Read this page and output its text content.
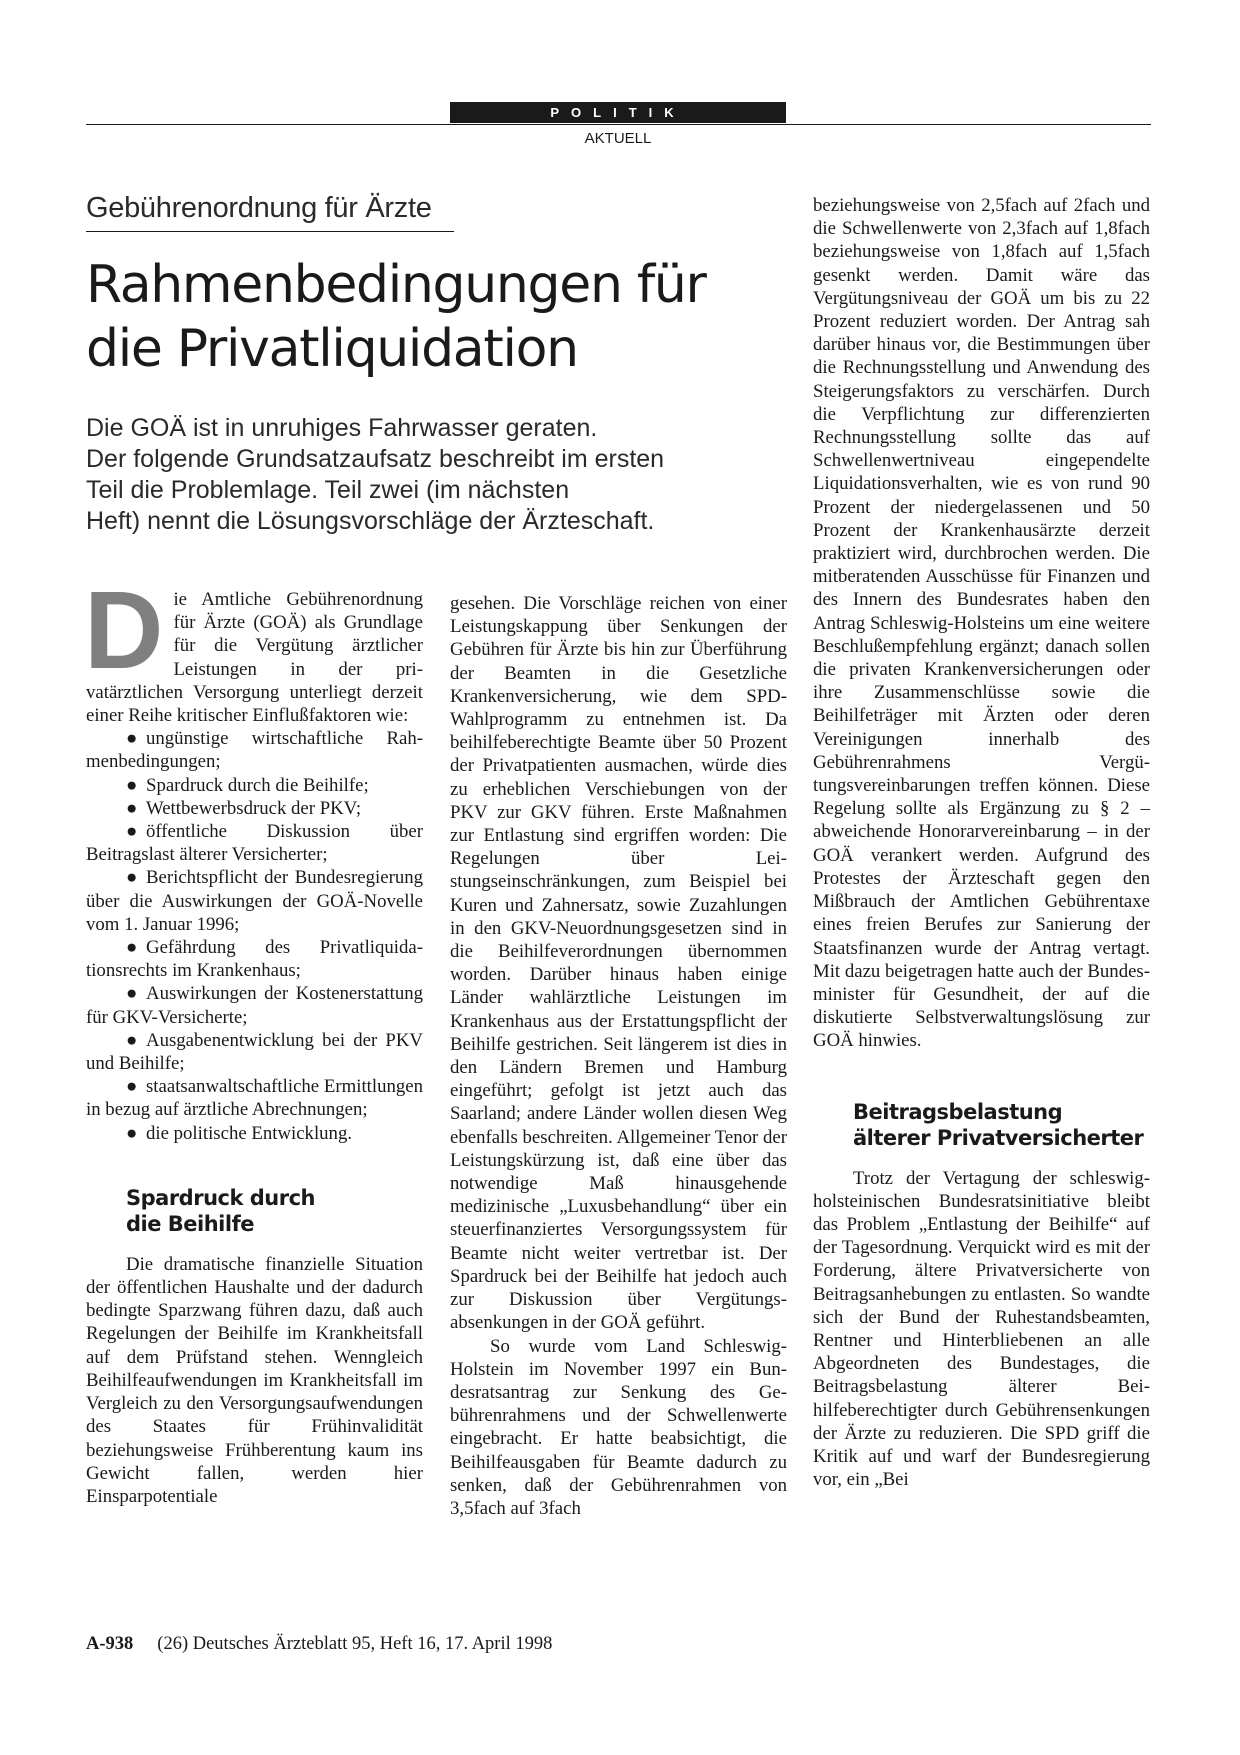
POLITIK
AKTUELL
Gebührenordnung für Ärzte
Rahmenbedingungen für
die Privatliquidation
Die GOÄ ist in unruhiges Fahrwasser geraten.
Der folgende Grundsatzaufsatz beschreibt im ersten
Teil die Problemlage. Teil zwei (im nächsten
Heft) nennt die Lösungsvorschläge der Ärzteschaft.

Die Amtliche Gebührenordnung für Ärzte (GOÄ) als Grundlage für die Vergütung ärztlicher Leistungen in der privatärztlichen Versorgung unterliegt derzeit einer Reihe kritischer Einflußfaktoren wie:

● ungünstige wirtschaftliche Rahmenbedingungen;
● Spardruck durch die Beihilfe;
● Wettbewerbsdruck der PKV;
● öffentliche Diskussion über Beitragslast älterer Versicherter;
● Berichtspflicht der Bundesregierung über die Auswirkungen der GOÄ-Novelle vom 1. Januar 1996;
● Gefährdung des Privatliquidationsrechts im Krankenhaus;
● Auswirkungen der Kostenerstattung für GKV-Versicherte;
● Ausgabenentwicklung bei der PKV und Beihilfe;
● staatsanwaltschaftliche Ermittlungen in bezug auf ärztliche Abrechnungen;
● die politische Entwicklung.
Spardruck durch
die Beihilfe

Die dramatische finanzielle Situation der öffentlichen Haushalte und der dadurch bedingte Sparzwang führen dazu, daß auch Regelungen der Beihilfe im Krankheitsfall auf dem Prüfstand stehen. Wenngleich Beihilfeaufwendungen im Krankheitsfall im Vergleich zu den Versorgungsaufwendungen des Staates für Frühinvalidität beziehungsweise Frühberentung kaum ins Gewicht fallen, werden hier Einsparpotentiale

gesehen. Die Vorschläge reichen von einer Leistungskappung über Senkungen der Gebühren für Ärzte bis hin zur Überführung der Beamten in die Gesetzliche Krankenversicherung, wie dem SPD-Wahlprogramm zu entnehmen ist. Da beihilfeberechtigte Beamte über 50 Prozent der Privatpatienten ausmachen, würde dies zu erheblichen Verschiebungen von der PKV zur GKV führen. Erste Maßnahmen zur Entlastung sind ergriffen worden: Die Regelungen über Leistungseinschränkungen, zum Beispiel bei Kuren und Zahnersatz, sowie Zuzahlungen in den GKV-Neuordnungsgesetzen sind in die Beihilfeverordnungen übernommen worden. Darüber hinaus haben einige Länder wahlärztliche Leistungen im Krankenhaus aus der Erstattungspflicht der Beihilfe gestrichen. Seit längerem ist dies in den Ländern Bremen und Hamburg eingeführt; gefolgt ist jetzt auch das Saarland; andere Länder wollen diesen Weg ebenfalls beschreiten. Allgemeiner Tenor der Leistungskürzung ist, daß eine über das notwendige Maß hinausgehende medizinische „Luxusbehandlung“ über ein steuerfinanziertes Versorgungssystem für Beamte nicht weiter vertretbar ist. Der Spardruck bei der Beihilfe hat jedoch auch zur Diskussion über Vergütungsabsenkungen in der GOÄ geführt.

So wurde vom Land Schleswig-Holstein im November 1997 ein Bundesratsantrag zur Senkung des Gebührenrahmens und der Schwellenwerte eingebracht. Er hatte beabsichtigt, die Beihilfeausgaben für Beamte dadurch zu senken, daß der Gebührenrahmen von 3,5fach auf 3fach

beziehungsweise von 2,5fach auf 2fach und die Schwellenwerte von 2,3fach auf 1,8fach beziehungsweise von 1,8fach auf 1,5fach gesenkt werden. Damit wäre das Vergütungsniveau der GOÄ um bis zu 22 Prozent reduziert worden. Der Antrag sah darüber hinaus vor, die Bestimmungen über die Rechnungsstellung und Anwendung des Steigerungsfaktors zu verschärfen. Durch die Verpflichtung zur differenzierten Rechnungsstellung sollte das auf Schwellenwertniveau eingependelte Liquidationsverhalten, wie es von rund 90 Prozent der niedergelassenen und 50 Prozent der Krankenhausärzte derzeit praktiziert wird, durchbrochen werden. Die mitberatenden Ausschüsse für Finanzen und des Innern des Bundesrates haben den Antrag Schleswig-Holsteins um eine weitere Beschlußempfehlung ergänzt; danach sollen die privaten Krankenversicherungen oder ihre Zusammenschlüsse sowie die Beihilfeträger mit Ärzten oder deren Vereinigungen innerhalb des Gebührenrahmens Vergütungsvereinbarungen treffen können. Diese Regelung sollte als Ergänzung zu § 2 – abweichende Honorarvereinbarung – in der GOÄ verankert werden. Aufgrund des Protestes der Ärzteschaft gegen den Mißbrauch der Amtlichen Gebührentaxe eines freien Berufes zur Sanierung der Staatsfinanzen wurde der Antrag vertagt. Mit dazu beigetragen hatte auch der Bundesminister für Gesundheit, der auf die diskutierte Selbstverwaltungslösung zur GOÄ hinwies.

Beitragsbelastung
älterer Privatversicherter

Trotz der Vertagung der schleswig-holsteinischen Bundesratsinitiative bleibt das Problem „Entlastung der Beihilfe“ auf der Tagesordnung. Verquickt wird es mit der Forderung, ältere Privatversicherte von Beitragsanhebungen zu entlasten. So wandte sich der Bund der Ruhestandsbeamten, Rentner und Hinterbliebenen an alle Abgeordneten des Bundestages, die Beitragsbelastung älterer Beihilfeberechtigter durch Gebührensenkungen der Ärzte zu reduzieren. Die SPD griff die Kritik auf und warf der Bundesregierung vor, ein „Bei

A-938 (26) Deutsches Ärzteblatt 95, Heft 16, 17. April 1998
